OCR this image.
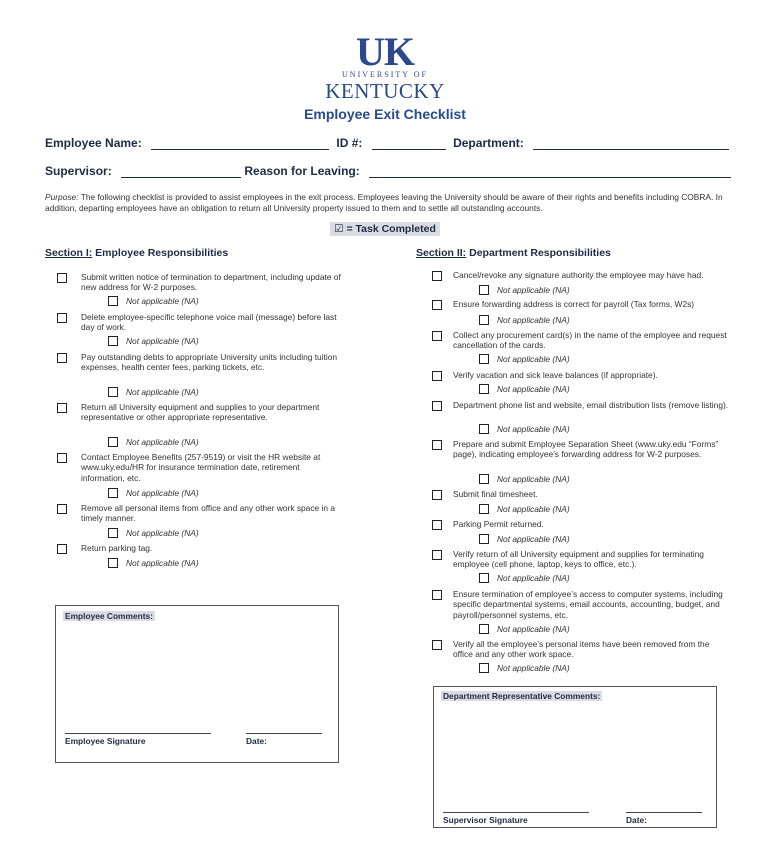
UK
UNIVERSITY OF
KENTUCKY
Employee Exit Checklist
Employee Name:	ID #:	Department:
Supervisor:	Reason for Leaving:
Purpose: The following checklist is provided to assist employees in the exit process. Employees leaving the University should be aware of their rights and benefits including COBRA. In addition, departing employees have an obligation to return all University property issued to them and to settle all outstanding accounts.
☑ = Task Completed
Section I: Employee Responsibilities
Submit written notice of termination to department, including update of new address for W-2 purposes.
Not applicable (NA)
Delete employee-specific telephone voice mail (message) before last day of work.
Not applicable (NA)
Pay outstanding debts to appropriate University units including tuition expenses, health center fees, parking tickets, etc.
Not applicable (NA)
Return all University equipment and supplies to your department representative or other appropriate representative.
Not applicable (NA)
Contact Employee Benefits (257-9519) or visit the HR website at www.uky.edu/HR for insurance termination date, retirement information, etc.
Not applicable (NA)
Remove all personal items from office and any other work space in a timely manner.
Not applicable (NA)
Return parking tag.
Not applicable (NA)
Section II: Department Responsibilities
Cancel/revoke any signature authority the employee may have had.
Not applicable (NA)
Ensure forwarding address is correct for payroll (Tax forms, W2s)
Not applicable (NA)
Collect any procurement card(s) in the name of the employee and request cancellation of the cards.
Not applicable (NA)
Verify vacation and sick leave balances (if appropriate).
Not applicable (NA)
Department phone list and website, email distribution lists (remove listing).
Not applicable (NA)
Prepare and submit Employee Separation Sheet (www.uky.edu “Forms” page), indicating employee’s forwarding address for W-2 purposes.
Not applicable (NA)
Submit final timesheet.
Not applicable (NA)
Parking Permit returned.
Not applicable (NA)
Verify return of all University equipment and supplies for terminating employee (cell phone, laptop, keys to office, etc.).
Not applicable (NA)
Ensure termination of employee’s access to computer systems, including specific departmental systems, email accounts, accounting, budget, and payroll/personnel systems, etc.
Not applicable (NA)
Verify all the employee’s personal items have been removed from the office and any other work space.
Not applicable (NA)
Employee Comments:
Employee Signature	Date:
Department Representative Comments:
Supervisor Signature	Date:
